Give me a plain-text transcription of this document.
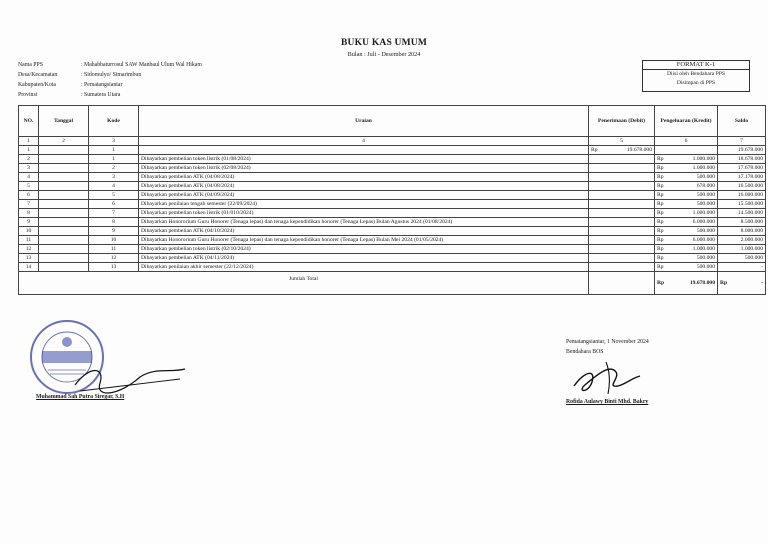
BUKU KAS UMUM
Bulan : Juli - Desember 2024
Nama PPS	: Mahabbaturrosul SAW Manbaul Ulum Wal Hikam
Desa/Kecamatan	: Sidomulyo/ Simarimbun
Kabupaten/Kota	: Pematangsiantar
Provinsi	: Sumatera Utara
FORMAT K-1
Diisi oleh Bendahara PPS
Disimpan di PPS
NO.	Tanggal	Kode	Uraian	Penerimaan (Debit)	Pengeluaran (Kredit)	Saldo
1	2	3	4	5	6	7
1		1		Rp 19.678.000		19.678.000
2		1	Dibayarkan pembelian token listrik (01/08/2024)		Rp 1.000.000	18.678.000
3		2	Dibayarkan pembelian token listrik (02/08/2024)		Rp 1.000.000	17.678.000
4		3	Dibayarkan pembelian ATK (04/08/2024)		Rp 500.000	17.178.000
5		4	Dibayarkan pembelian ATK (04/08/2024)		Rp 678.000	16.500.000
6		5	Dibayarkan pembelian ATK (04/09/2024)		Rp 500.000	16.000.000
7		6	Dibayarkan penilaian tengah semester (22/09/2024)		Rp 500.000	15.500.000
8		7	Dibayarkan pembelian token listrik (01/010/2024)		Rp 1.000.000	14.500.000
9		8	Dibayarkan Honororium Guru Honorer (Tenaga lepas) dan tenaga kependidikan honorer (Tenaga Lepas) Bulan Agustus 2024 (01/08/2024)		Rp 6.000.000	8.500.000
10		9	Dibayarkan pembelian ATK (04/10/2024)		Rp 500.000	8.000.000
11		10	Dibayarkan Honororium Guru Honorer (Tenaga lepas) dan tenaga kependidikan honorer (Tenaga Lepas) Bulan Mei 2024 (01/05/2024)		Rp 6.000.000	2.000.000
12		11	Dibayarkan pembelian token listrik (02/10/2024)		Rp 1.000.000	1.000.000
13		12	Dibayarkan pembelian ATK (04/11/2024)		Rp 500.000	500.000
14		13	Dibayarkan penilaian akhir semester (22/12/2024)		Rp 500.000	-
Jumlah Total					Rp 19.678.000	Rp -
Pematangsiantar, 1 November 2024
Bendahara BOS
Rofida Aulawy Binti Mhd. Bakry
Muhammad Sah Putra Siregar, S.H
